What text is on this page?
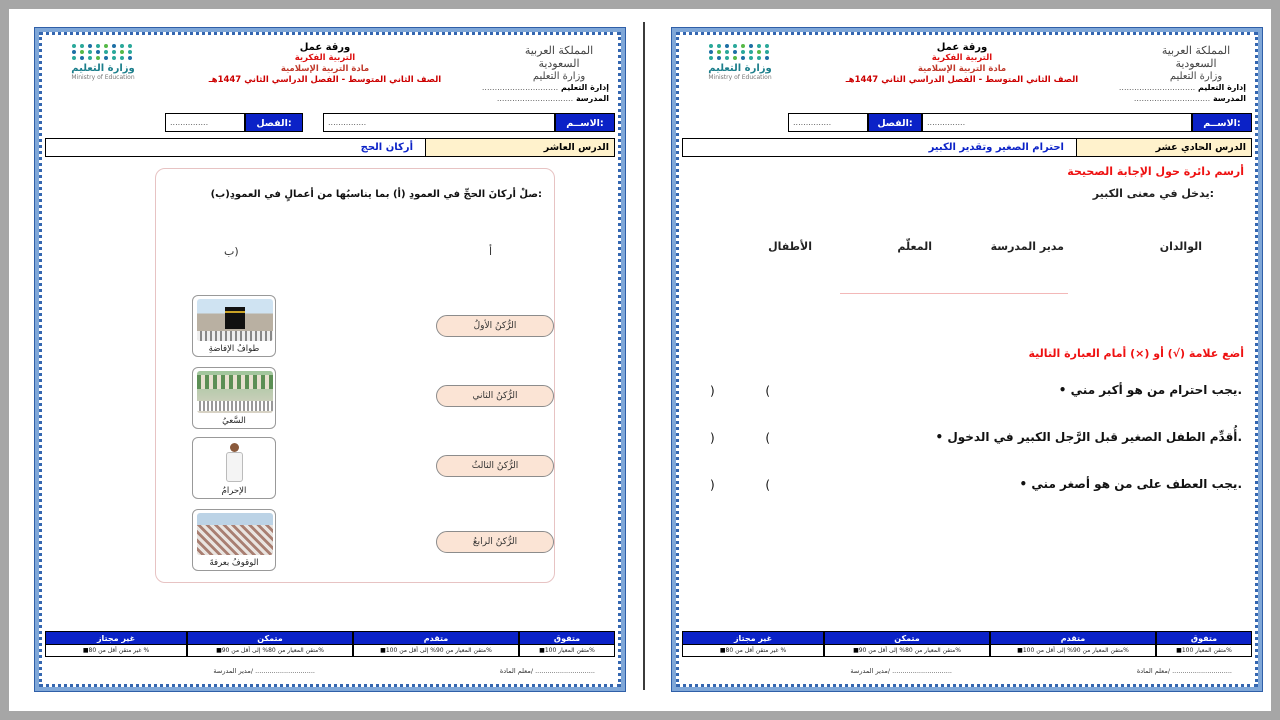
المملكة العربية السعودية
وزارة التعليم
.............................. إدارة التعليم
.............................. المدرسة
ورقة عمل
التربية الفكرية
مادة التربية الإسلامية
الصف الثاني المتوسط - الفصل الدراسي الثاني 1447هـ
وزارة التعليم
Ministry of Education
الاســم:
...............
الفصل:
...............
الدرس العاشر
أركان الحج
صلْ أركانَ الحجِّ في العمودِ (أ) بما يناسبُها من أعمالٍ في العمودِ(ب):
أ
ب)
الرُّكنُ الأولُ
الرُّكنُ الثاني
الرُّكنُ الثالثُ
الرُّكنُ الرابعُ
طوافُ الإفاضةِ
السَّعيُ
الإحرامُ
الوقوفُ بعرفةَ
متفوق
■ متقن المعيار 100%
متقدم
■ متقن المعيار من 90% إلى أقل من 100%
متمكن
■ متقن المعيار من 80% إلى أقل من 90%
غير مجتاز
■ غير متقن أقل من 80 %
معلم المادة/ .............................
مدير المدرسة/ .............................
المملكة العربية السعودية
وزارة التعليم
.............................. إدارة التعليم
.............................. المدرسة
ورقة عمل
التربية الفكرية
مادة التربية الإسلامية
الصف الثاني المتوسط - الفصل الدراسي الثاني 1447هـ
وزارة التعليم
Ministry of Education
الاســم:
...............
الفصل:
...............
الدرس الحادي عشر
احترام الصغير وتقدير الكبير
أرسم دائرة حول الإجابة الصحيحة
يدخل في معنى الكبير:
الوالدان
مدير المدرسة
المعلّم
الأطفال
أضع علامة (√) أو (×) أمام العبارة التالية
• يجب احترام من هو أكبر مني.
)	(
• أُقدِّم الطفل الصغير قبل الرَّجل الكبير في الدخول.
)	(
• يجب العطف على من هو أصغر مني.
)	(
متفوق
■ متقن المعيار 100%
متقدم
■ متقن المعيار من 90% إلى أقل من 100%
متمكن
■ متقن المعيار من 80% إلى أقل من 90%
غير مجتاز
■ غير متقن أقل من 80 %
معلم المادة/ .............................
مدير المدرسة/ .............................
